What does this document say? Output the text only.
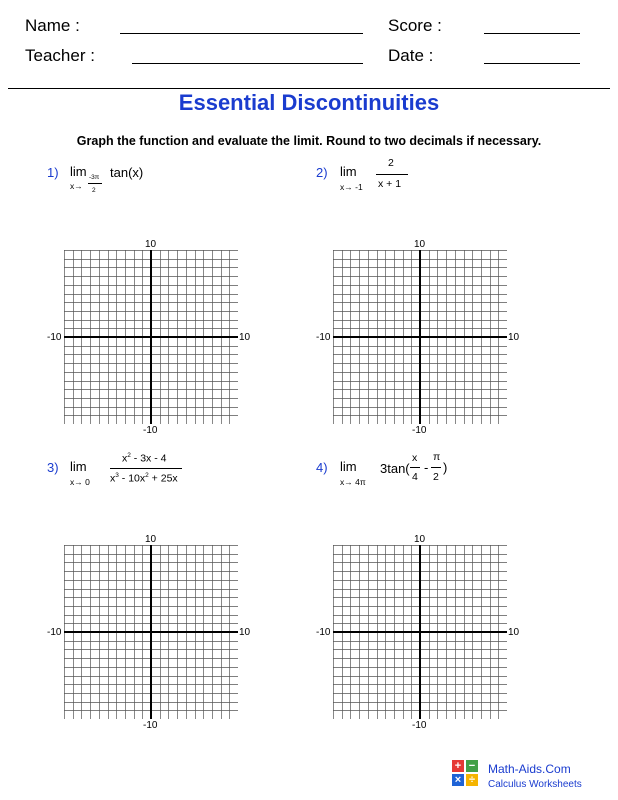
Name :	Score :
Teacher :	Date :
Essential Discontinuities
Graph the function and evaluate the limit. Round to two decimals if necessary.
1) lim
x→
-3π
2
tan(x)	2) lim
x→ -1
2
x + 1
3) lim
x→ 0
$x^2 - 3x - 4$
$x^3 - 10x^2 + 25x$
4) lim
x→ 4π
3tan(
x
4
-
π
2
)
10
-10
-10	10
10
-10
-10	10
10
-10
-10	10
10
-10
-10	10
+ −
× ÷
Math-Aids.Com
Calculus Worksheets
